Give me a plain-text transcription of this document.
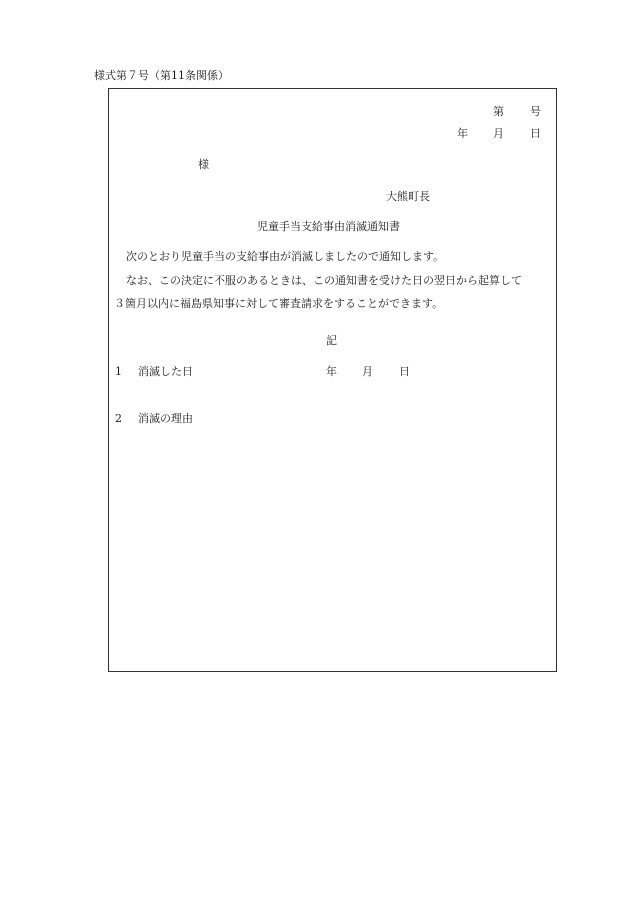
様式第７号（第11条関係）
第 号
年 月 日
様
大熊町長
児童手当支給事由消滅通知書
次のとおり児童手当の支給事由が消滅しましたので通知します。
なお、この決定に不服のあるときは、この通知書を受けた日の翌日から起算して
３箇月以内に福島県知事に対して審査請求をすることができます。
記
1 消滅した日	年 月 日
2 消滅の理由
